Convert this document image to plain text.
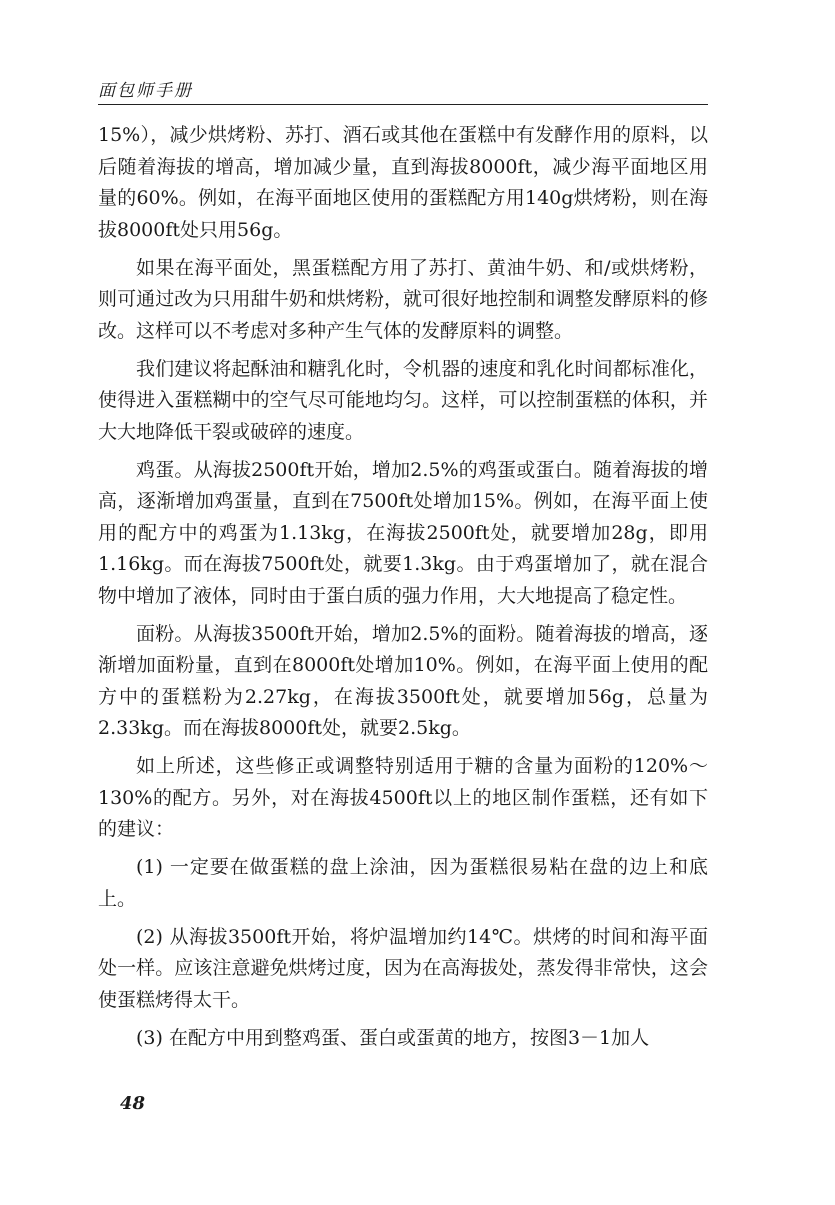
面包师手册

15%），减少烘烤粉、苏打、酒石或其他在蛋糕中有发酵作用的原料，以后随着海拔的增高，增加减少量，直到海拔8000ft，减少海平面地区用量的60%。例如，在海平面地区使用的蛋糕配方用140g烘烤粉，则在海拔8000ft处只用56g。

如果在海平面处，黑蛋糕配方用了苏打、黄油牛奶、和/或烘烤粉，则可通过改为只用甜牛奶和烘烤粉，就可很好地控制和调整发酵原料的修改。这样可以不考虑对多种产生气体的发酵原料的调整。

我们建议将起酥油和糖乳化时，令机器的速度和乳化时间都标准化，使得进入蛋糕糊中的空气尽可能地均匀。这样，可以控制蛋糕的体积，并大大地降低干裂或破碎的速度。

鸡蛋。从海拔2500ft开始，增加2.5%的鸡蛋或蛋白。随着海拔的增高，逐渐增加鸡蛋量，直到在7500ft处增加15%。例如，在海平面上使用的配方中的鸡蛋为1.13kg，在海拔2500ft处，就要增加28g，即用1.16kg。而在海拔7500ft处，就要1.3kg。由于鸡蛋增加了，就在混合物中增加了液体，同时由于蛋白质的强力作用，大大地提高了稳定性。

面粉。从海拔3500ft开始，增加2.5%的面粉。随着海拔的增高，逐渐增加面粉量，直到在8000ft处增加10%。例如，在海平面上使用的配方中的蛋糕粉为2.27kg，在海拔3500ft处，就要增加56g，总量为2.33kg。而在海拔8000ft处，就要2.5kg。

如上所述，这些修正或调整特别适用于糖的含量为面粉的120%～130%的配方。另外，对在海拔4500ft以上的地区制作蛋糕，还有如下的建议：

(1) 一定要在做蛋糕的盘上涂油，因为蛋糕很易粘在盘的边上和底上。

(2) 从海拔3500ft开始，将炉温增加约14℃。烘烤的时间和海平面处一样。应该注意避免烘烤过度，因为在高海拔处，蒸发得非常快，这会使蛋糕烤得太干。

(3) 在配方中用到整鸡蛋、蛋白或蛋黄的地方，按图3－1加人

48
